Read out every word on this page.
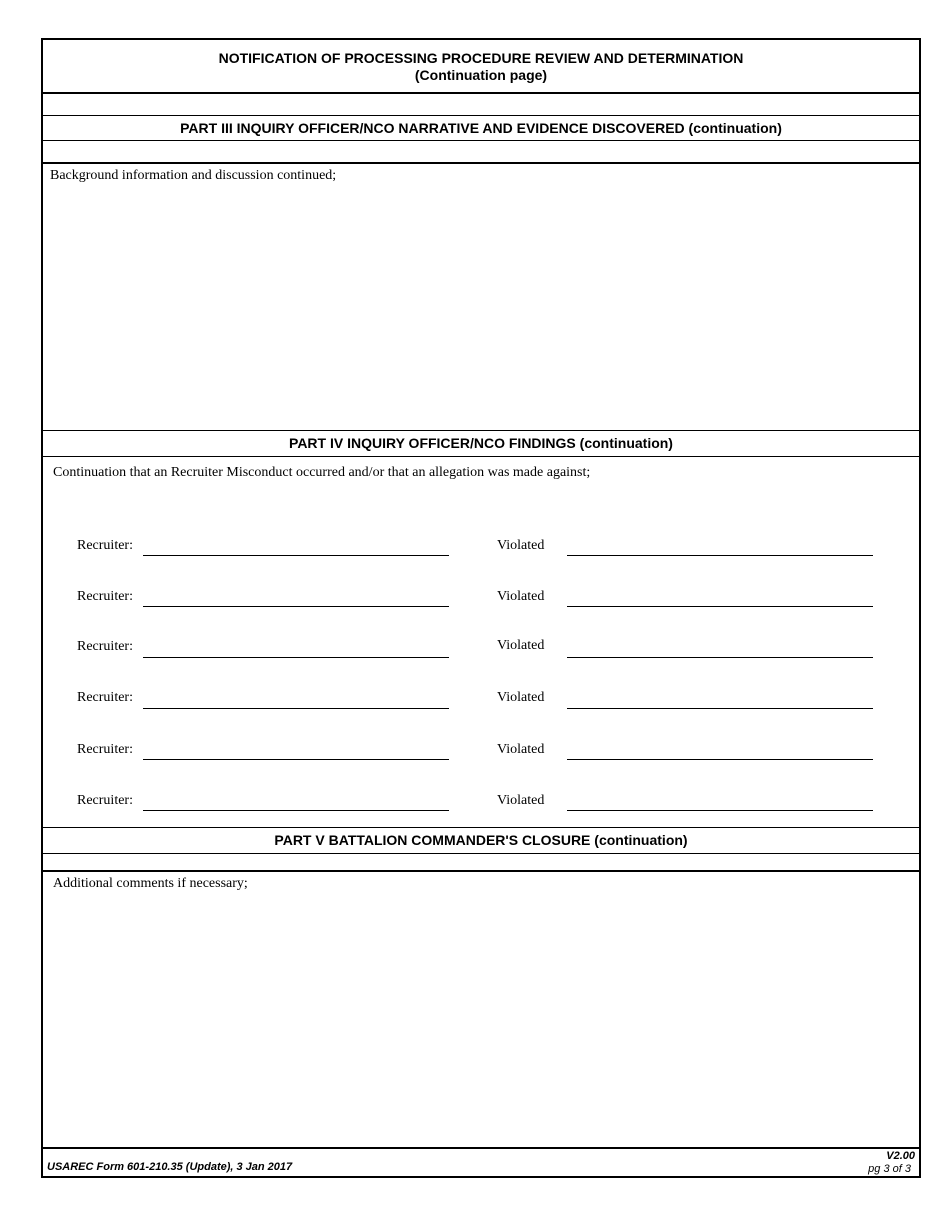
NOTIFICATION OF PROCESSING PROCEDURE REVIEW AND DETERMINATION
(Continuation page)
PART III INQUIRY OFFICER/NCO NARRATIVE AND EVIDENCE DISCOVERED (continuation)
Background information and discussion continued;
PART IV INQUIRY OFFICER/NCO FINDINGS (continuation)
Continuation that an Recruiter Misconduct occurred and/or that an allegation was made against;
Recruiter:	Violated
Recruiter:	Violated
Recruiter:	Violated
Recruiter:	Violated
Recruiter:	Violated
Recruiter:	Violated
PART V BATTALION COMMANDER'S CLOSURE (continuation)
Additional comments if necessary;
USAREC Form 601-210.35 (Update), 3 Jan 2017
V2.00
pg 3 of 3
